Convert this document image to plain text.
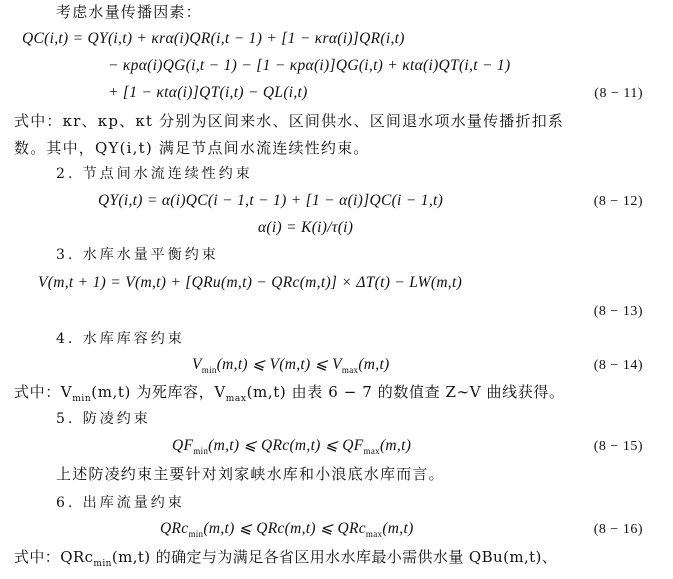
考虑水量传播因素：
QC(i,t) = QY(i,t) + κrα(i)QR(i,t − 1) + [1 − κrα(i)]QR(i,t)
− κpα(i)QG(i,t − 1) − [1 − κpα(i)]QG(i,t) + κtα(i)QT(i,t − 1)
+ [1 − κtα(i)]QT(i,t) − QL(i,t)	(8 − 11)
式中：κr、κp、κt 分别为区间来水、区间供水、区间退水项水量传播折扣系
数。其中，QY(i,t) 满足节点间水流连续性约束。
2. 节点间水流连续性约束
QY(i,t) = α(i)QC(i − 1,t − 1) + [1 − α(i)]QC(i − 1,t)	(8 − 12)
α(i) = K(i)/τ(i)
3. 水库水量平衡约束
V(m,t + 1) = V(m,t) + [QRu(m,t) − QRc(m,t)] × ΔT(t) − LW(m,t)
(8 − 13)
4. 水库库容约束
$V_{min}(m,t)$ ⩽ V(m,t) ⩽ $V_{max}(m,t)$	(8 − 14)
式中：$V_{min}(m,t)$ 为死库容，$V_{max}(m,t)$ 由表 6 − 7 的数值查 Z∼V 曲线获得。
5. 防凌约束
$QF_{min}(m,t)$ ⩽ QRc(m,t) ⩽ $QF_{max}(m,t)$	(8 − 15)
上述防凌约束主要针对刘家峡水库和小浪底水库而言。
6. 出库流量约束
QRc$_{min}$(m,t) ⩽ QRc(m,t) ⩽ QRc$_{max}$(m,t)	(8 − 16)
式中：QRc$_{min}$(m,t) 的确定与为满足各省区用水水库最小需供水量 QBu(m,t)、
